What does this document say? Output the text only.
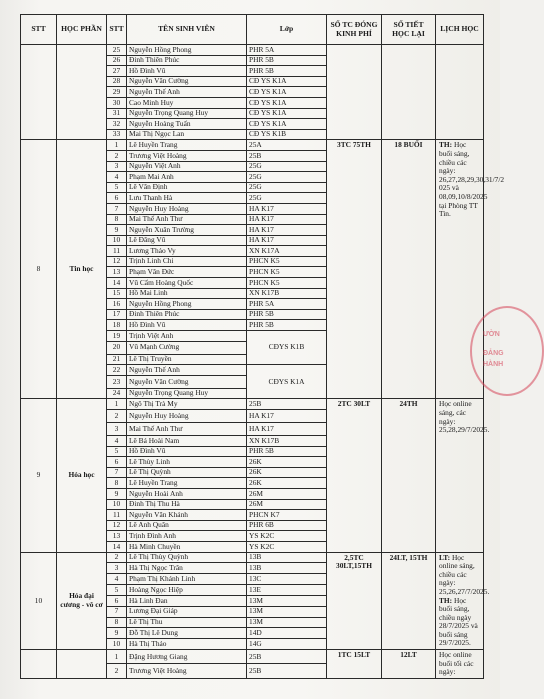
STT	HỌC PHẦN	STT	TÊN SINH VIÊN	Lớp	SỐ TC ĐÓNG KINH PHÍ	SỐ TIẾT HỌC LẠI	LỊCH HỌC
		25	Nguyễn Hồng Phong	PHR 5A			
		26	Đinh Thiên Phúc	PHR 5B			
		27	Hồ Đình Vũ	PHR 5B			
		28	Nguyễn Văn Cường	CĐ YS K1A			
		29	Nguyễn Thế Anh	CĐ YS K1A			
		30	Cao Minh Huy	CĐ YS K1A			
		31	Nguyễn Trọng Quang Huy	CĐ YS K1A			
		32	Nguyễn Hoàng Tuấn	CĐ YS K1A			
		33	Mai Thị Ngọc Lan	CĐ YS K1B			
8	Tin học	1	Lê Huyền Trang	25A	3TC 75TH	18 BUỔI	TH: Học buổi sáng, chiều các ngày: 26,27,28,29,30,31/7/2 025 và 08,09,10/8/2025 tại Phòng TT Tin.
		2	Trương Việt Hoàng	25B			
		3	Nguyễn Việt Anh	25G			
		4	Phạm Mai Anh	25G			
		5	Lê Văn Định	25G			
		6	Lưu Thanh Hà	25G			
		7	Nguyễn Huy Hoàng	HA K17			
		8	Mai Thế Anh Thư	HA K17			
		9	Nguyễn Xuân Trường	HA K17			
		10	Lê Đăng Vũ	HA K17			
		11	Lương Thảo Vy	XN K17A			
		12	Trịnh Linh Chi	PHCN K5			
		13	Phạm Văn Đức	PHCN K5			
		14	Vũ Cẩm Hoàng Quốc	PHCN K5			
		15	Hồ Mai Linh	XN K17B			
		16	Nguyễn Hồng Phong	PHR 5A			
		17	Đinh Thiên Phúc	PHR 5B			
		18	Hồ Đình Vũ	PHR 5B			
		19	Trịnh Việt Anh	CĐYS K1B			
		20	Vũ Mạnh Cường				
		21	Lê Thị Truyền				
		22	Nguyễn Thế Anh	CĐYS K1A			
		23	Nguyễn Văn Cường				
		24	Nguyễn Trọng Quang Huy				
9	Hóa học	1	Ngô Thị Trà My	25B	2TC 30LT	24TH	Học online sáng, các ngày: 25,28,29/7/2025.
		2	Nguyễn Huy Hoàng	HA K17			
		3	Mai Thế Anh Thư	HA K17			
		4	Lê Bá Hoài Nam	XN K17B			
		5	Hồ Đình Vũ	PHR 5B			
		6	Lê Thùy Linh	26K			
		7	Lê Thị Quỳnh	26K			
		8	Lê Huyền Trang	26K			
		9	Nguyễn Hoài Anh	26M			
		10	Đinh Thị Thu Hà	26M			
		11	Nguyễn Văn Khánh	PHCN K7			
		12	Lê Anh Quân	PHR 6B			
		13	Trịnh Đình Anh	YS K2C			
		14	Hà Minh Chuyền	YS K2C			
10	Hóa đại cương - vô cơ	2	Lê Thị Thùy Quỳnh	13B	2,5TC 30LT,15TH	24LT, 15TH	LT: Học online sáng, chiều các ngày: 25,26,27/7/2025.
TH: Học buổi sáng, chiều ngày 28/7/2025 và buổi sáng 29/7/2025.
		3	Hà Thị Ngọc Trân	13B			
		4	Phạm Thị Khánh Linh	13C			
		5	Hoàng Ngọc Hiệp	13E			
		6	Hà Linh Đan	13M			
		7	Lương Đại Giáp	13M			
		8	Lê Thị Thu	13M			
		9	Đỗ Thị Lê Dung	14D			
		10	Hà Thị Thảo	14G			
		1	Đặng Hương Giang	25B	1TC 15LT	12LT	Học online buổi tối các ngày:
		2	Trương Việt Hoàng	25B			
ƯỜN
ĐẢNG
HÀNH
